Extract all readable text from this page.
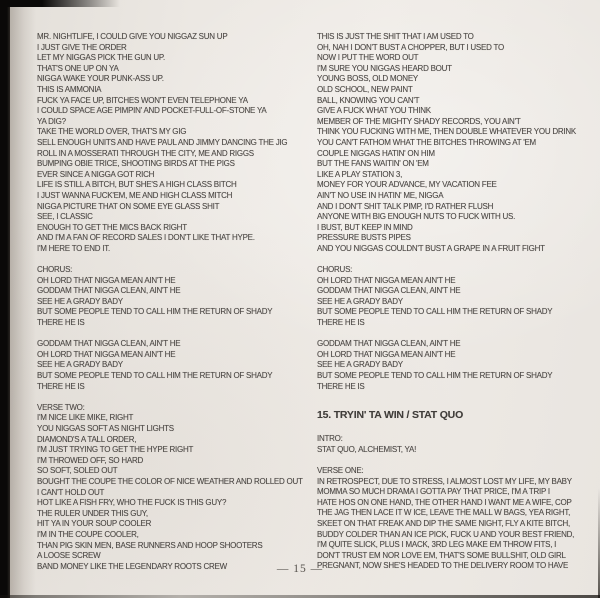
MR. NIGHTLIFE, I COULD GIVE YOU NIGGAZ SUN UP
I JUST GIVE THE ORDER
LET MY NIGGAS PICK THE GUN UP.
THAT'S ONE UP ON YA
NIGGA WAKE YOUR PUNK-ASS UP.
THIS IS AMMONIA
FUCK YA FACE UP, BITCHES WON'T EVEN TELEPHONE YA
I COULD SPACE AGE PIMPIN' AND POCKET-FULL-OF-STONE YA
YA DIG?
TAKE THE WORLD OVER, THAT'S MY GIG
SELL ENOUGH UNITS AND HAVE PAUL AND JIMMY DANCING THE JIG
ROLL IN A MOSSERATI THROUGH THE CITY, ME AND RIGGS
BUMPING OBIE TRICE, SHOOTING BIRDS AT THE PIGS
EVER SINCE A NIGGA GOT RICH
LIFE IS STILL A BITCH, BUT SHE'S A HIGH CLASS BITCH
I JUST WANNA FUCK'EM, ME AND HIGH CLASS MITCH
NIGGA PICTURE THAT ON SOME EYE GLASS SHIT
SEE, I CLASSIC
ENOUGH TO GET THE MICS BACK RIGHT
AND I'M A FAN OF RECORD SALES I DON'T LIKE THAT HYPE.
I'M HERE TO END IT.
CHORUS:
OH LORD THAT NIGGA MEAN AIN'T HE
GODDAM THAT NIGGA CLEAN, AIN'T HE
SEE HE A GRADY BADY
BUT SOME PEOPLE TEND TO CALL HIM THE RETURN OF SHADY
THERE HE IS
GODDAM THAT NIGGA CLEAN, AIN'T HE
OH LORD THAT NIGGA MEAN AIN'T HE
SEE HE A GRADY BADY
BUT SOME PEOPLE TEND TO CALL HIM THE RETURN OF SHADY
THERE HE IS
VERSE TWO:
I'M NICE LIKE MIKE, RIGHT
YOU NIGGAS SOFT AS NIGHT LIGHTS
DIAMOND'S A TALL ORDER,
I'M JUST TRYING TO GET THE HYPE RIGHT
I'M THROWED OFF, SO HARD
SO SOFT, SOLED OUT
BOUGHT THE COUPE THE COLOR OF NICE WEATHER AND ROLLED OUT
I CAN'T HOLD OUT
HOT LIKE A FISH FRY, WHO THE FUCK IS THIS GUY?
THE RULER UNDER THIS GUY,
HIT YA IN YOUR SOUP COOLER
I'M IN THE COUPE COOLER,
THAN PIG SKIN MEN, BASE RUNNERS AND HOOP SHOOTERS
A LOOSE SCREW
BAND MONEY LIKE THE LEGENDARY ROOTS CREW
THIS IS JUST THE SHIT THAT I AM USED TO
OH, NAH I DON'T BUST A CHOPPER, BUT I USED TO
NOW I PUT THE WORD OUT
I'M SURE YOU NIGGAS HEARD BOUT
YOUNG BOSS, OLD MONEY
OLD SCHOOL, NEW PAINT
BALL, KNOWING YOU CAN'T
GIVE A FUCK WHAT YOU THINK
MEMBER OF THE MIGHTY SHADY RECORDS, YOU AIN'T
THINK YOU FUCKING WITH ME, THEN DOUBLE WHATEVER YOU DRINK
YOU CAN'T FATHOM WHAT THE BITCHES THROWING AT 'EM
COUPLE NIGGAS HATIN' ON HIM
BUT THE FANS WAITIN' ON 'EM
LIKE A PLAY STATION 3,
MONEY FOR YOUR ADVANCE, MY VACATION FEE
AIN'T NO USE IN HATIN' ME, NIGGA
AND I DON'T SHIT TALK PIMP, I'D RATHER FLUSH
ANYONE WITH BIG ENOUGH NUTS TO FUCK WITH US.
I BUST, BUT KEEP IN MIND
PRESSURE BUSTS PIPES
AND YOU NIGGAS COULDN'T BUST A GRAPE IN A FRUIT FIGHT
CHORUS:
OH LORD THAT NIGGA MEAN AIN'T HE
GODDAM THAT NIGGA CLEAN, AIN'T HE
SEE HE A GRADY BADY
BUT SOME PEOPLE TEND TO CALL HIM THE RETURN OF SHADY
THERE HE IS
GODDAM THAT NIGGA CLEAN, AIN'T HE
OH LORD THAT NIGGA MEAN AIN'T HE
SEE HE A GRADY BADY
BUT SOME PEOPLE TEND TO CALL HIM THE RETURN OF SHADY
THERE HE IS
15. TRYIN' TA WIN / STAT QUO
INTRO:
STAT QUO, ALCHEMIST, YA!
VERSE ONE:
IN RETROSPECT, DUE TO STRESS, I ALMOST LOST MY LIFE, MY BABY
MOMMA SO MUCH DRAMA I GOTTA PAY THAT PRICE, I'M A TRIP I
HATE HOS ON ONE HAND, THE OTHER HAND I WANT ME A WIFE, COP
THE JAG THEN LACE IT W ICE, LEAVE THE MALL W BAGS, YEA RIGHT,
SKEET ON THAT FREAK AND DIP THE SAME NIGHT, FLY A KITE BITCH,
BUDDY COLDER THAN AN ICE PICK, FUCK U AND YOUR BEST FRIEND,
I'M QUITE SLICK, PLUS I MACK, 3RD LEG MAKE EM THROW FITS, I
DON'T TRUST EM NOR LOVE EM, THAT'S SOME BULLSHIT, OLD GIRL
PREGNANT, NOW SHE'S HEADED TO THE DELIVERY ROOM TO HAVE
— 15 —
